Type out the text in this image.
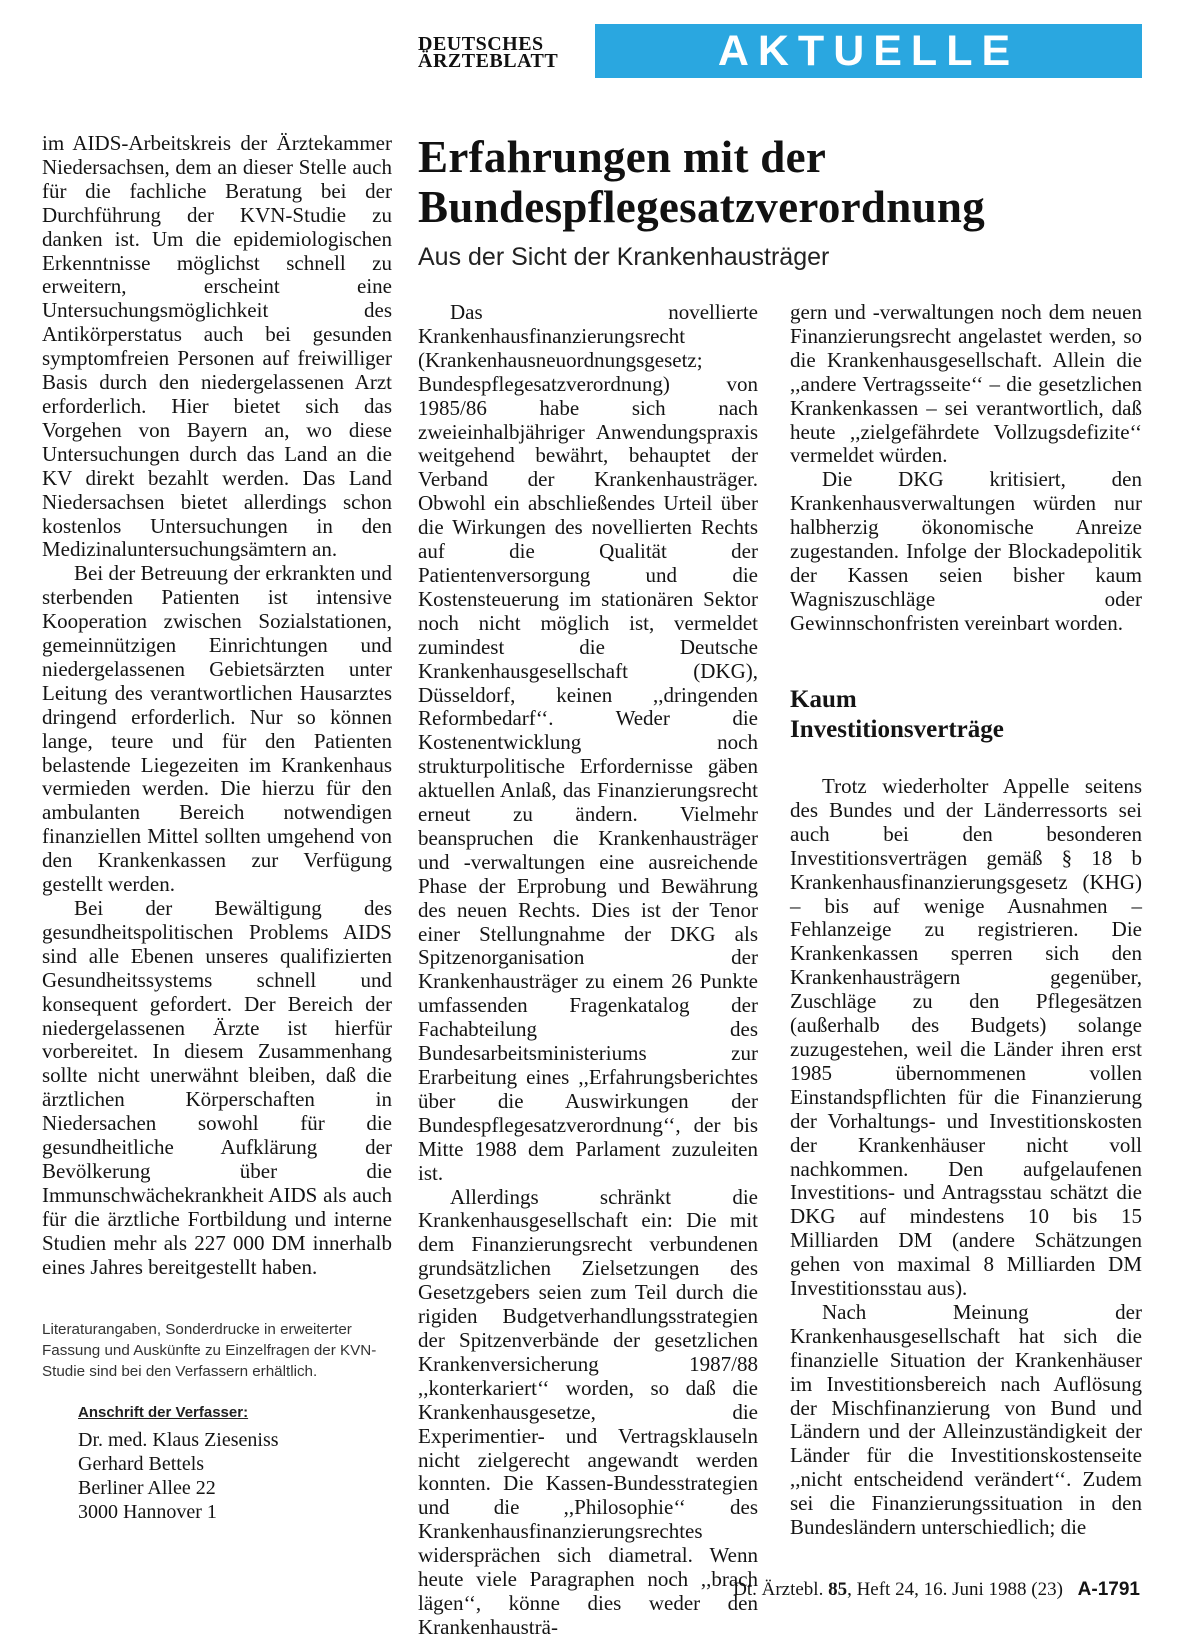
DEUTSCHES
ÄRZTEBLATT	AKTUELLE POLITIK

im AIDS-Arbeitskreis der Ärztekammer Niedersachsen, dem an dieser Stelle auch für die fachliche Beratung bei der Durchführung der KVN-Studie zu danken ist. Um die epidemiologischen Erkenntnisse möglichst schnell zu erweitern, erscheint eine Untersuchungsmöglichkeit des Antikörperstatus auch bei gesunden symptomfreien Personen auf freiwilliger Basis durch den niedergelassenen Arzt erforderlich. Hier bietet sich das Vorgehen von Bayern an, wo diese Untersuchungen durch das Land an die KV direkt bezahlt werden. Das Land Niedersachsen bietet allerdings schon kostenlos Untersuchungen in den Medizinaluntersuchungsämtern an.

Bei der Betreuung der erkrankten und sterbenden Patienten ist intensive Kooperation zwischen Sozialstationen, gemeinnützigen Einrichtungen und niedergelassenen Gebietsärzten unter Leitung des verantwortlichen Hausarztes dringend erforderlich. Nur so können lange, teure und für den Patienten belastende Liegezeiten im Krankenhaus vermieden werden. Die hierzu für den ambulanten Bereich notwendigen finanziellen Mittel sollten umgehend von den Krankenkassen zur Verfügung gestellt werden.

Bei der Bewältigung des gesundheitspolitischen Problems AIDS sind alle Ebenen unseres qualifizierten Gesundheitssystems schnell und konsequent gefordert. Der Bereich der niedergelassenen Ärzte ist hierfür vorbereitet. In diesem Zusammenhang sollte nicht unerwähnt bleiben, daß die ärztlichen Körperschaften in Niedersachen sowohl für die gesundheitliche Aufklärung der Bevölkerung über die Immunschwächekrankheit AIDS als auch für die ärztliche Fortbildung und interne Studien mehr als 227 000 DM innerhalb eines Jahres bereitgestellt haben.

Literaturangaben, Sonderdrucke in erweiterter Fassung und Auskünfte zu Einzelfragen der KVN-Studie sind bei den Verfassern erhältlich.
Anschrift der Verfasser:
Dr. med. Klaus Zieseniss
Gerhard Bettels
Berliner Allee 22
3000 Hannover 1
Erfahrungen mit der
Bundespflegesatzverordnung
Aus der Sicht der Krankenhausträger

Das novellierte Krankenhausfinanzierungsrecht (Krankenhausneuordnungsgesetz; Bundespflegesatzverordnung) von 1985/86 habe sich nach zweieinhalbjähriger Anwendungspraxis weitgehend bewährt, behauptet der Verband der Krankenhausträger. Obwohl ein abschließendes Urteil über die Wirkungen des novellierten Rechts auf die Qualität der Patientenversorgung und die Kostensteuerung im stationären Sektor noch nicht möglich ist, vermeldet zumindest die Deutsche Krankenhausgesellschaft (DKG), Düsseldorf, keinen ,,dringenden Reformbedarf‘‘. Weder die Kostenentwicklung noch strukturpolitische Erfordernisse gäben aktuellen Anlaß, das Finanzierungsrecht erneut zu ändern. Vielmehr beanspruchen die Krankenhausträger und -verwaltungen eine ausreichende Phase der Erprobung und Bewährung des neuen Rechts. Dies ist der Tenor einer Stellungnahme der DKG als Spitzenorganisation der Krankenhausträger zu einem 26 Punkte umfassenden Fragenkatalog der Fachabteilung des Bundesarbeitsministeriums zur Erarbeitung eines ,,Erfahrungsberichtes über die Auswirkungen der Bundespflegesatzverordnung‘‘, der bis Mitte 1988 dem Parlament zuzuleiten ist.

Allerdings schränkt die Krankenhausgesellschaft ein: Die mit dem Finanzierungsrecht verbundenen grundsätzlichen Zielsetzungen des Gesetzgebers seien zum Teil durch die rigiden Budgetverhandlungsstrategien der Spitzenverbände der gesetzlichen Krankenversicherung 1987/88 ,,konterkariert‘‘ worden, so daß die Krankenhausgesetze, die Experimentier- und Vertragsklauseln nicht zielgerecht angewandt werden konnten. Die Kassen-Bundesstrategien und die ,,Philosophie‘‘ des Krankenhausfinanzierungsrechtes widersprächen sich diametral. Wenn heute viele Paragraphen noch ,,brach lägen‘‘, könne dies weder den Krankenhausträ-

gern und -verwaltungen noch dem neuen Finanzierungsrecht angelastet werden, so die Krankenhausgesellschaft. Allein die ,,andere Vertragsseite‘‘ – die gesetzlichen Krankenkassen – sei verantwortlich, daß heute ,,zielgefährdete Vollzugsdefizite‘‘ vermeldet würden.

Die DKG kritisiert, den Krankenhausverwaltungen würden nur halbherzig ökonomische Anreize zugestanden. Infolge der Blockadepolitik der Kassen seien bisher kaum Wagniszuschläge oder Gewinnschonfristen vereinbart worden.

Kaum
Investitionsverträge

Trotz wiederholter Appelle seitens des Bundes und der Länderressorts sei auch bei den besonderen Investitionsverträgen gemäß § 18 b Krankenhausfinanzierungsgesetz (KHG) – bis auf wenige Ausnahmen – Fehlanzeige zu registrieren. Die Krankenkassen sperren sich den Krankenhausträgern gegenüber, Zuschläge zu den Pflegesätzen (außerhalb des Budgets) solange zuzugestehen, weil die Länder ihren erst 1985 übernommenen vollen Einstandspflichten für die Finanzierung der Vorhaltungs- und Investitionskosten der Krankenhäuser nicht voll nachkommen. Den aufgelaufenen Investitions- und Antragsstau schätzt die DKG auf mindestens 10 bis 15 Milliarden DM (andere Schätzungen gehen von maximal 8 Milliarden DM Investitionsstau aus).

Nach Meinung der Krankenhausgesellschaft hat sich die finanzielle Situation der Krankenhäuser im Investitionsbereich nach Auflösung der Mischfinanzierung von Bund und Ländern und der Alleinzuständigkeit der Länder für die Investitionskostenseite ,,nicht entscheidend verändert‘‘. Zudem sei die Finanzierungssituation in den Bundesländern unterschiedlich; die

Dt. Ärztebl. 85, Heft 24, 16. Juni 1988 (23) A-1791
